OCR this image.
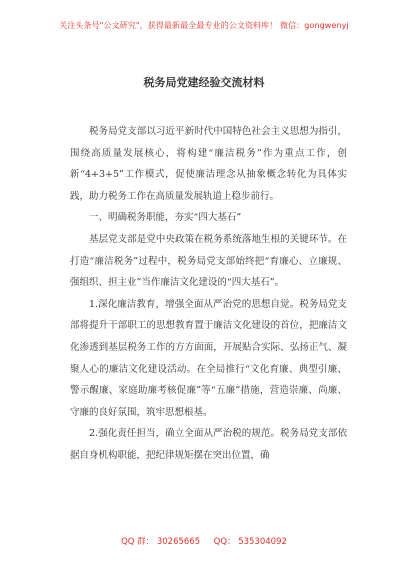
关注头条号"公文研究"，获得最新最全最专业的公文资料库！ 微信：gongwenyj
税务局党建经验交流材料

税务局党支部以习近平新时代中国特色社会主义思想为指引，围绕高质量发展核心，将构建“廉洁税务”作为重点工作，创新“4+3+5”工作模式，促使廉洁理念从抽象概念转化为具体实践，助力税务工作在高质量发展轨道上稳步前行。

一、明确税务职能，夯实“四大基石”

基层党支部是党中央政策在税务系统落地生根的关键环节。在打造“廉洁税务”过程中，税务局党支部始终把“育廉心、立廉规、强组织、担主业”当作廉洁文化建设的“四大基石”。

1.深化廉洁教育，增强全面从严治党的思想自觉。税务局党支部将提升干部职工的思想教育置于廉洁文化建设的首位，把廉洁文化渗透到基层税务工作的方方面面，开展贴合实际、弘扬正气、凝聚人心的廉洁文化建设活动。在全局推行“文化育廉、典型引廉、警示醒廉、家庭助廉考核促廉”等“五廉”措施，营造崇廉、尚廉、守廉的良好氛围，筑牢思想根基。

2.强化责任担当，确立全面从严治税的规范。税务局党支部依据自身机构职能，把纪律规矩摆在突出位置，确

QQ 群： 30265665 QQ： 535304092
